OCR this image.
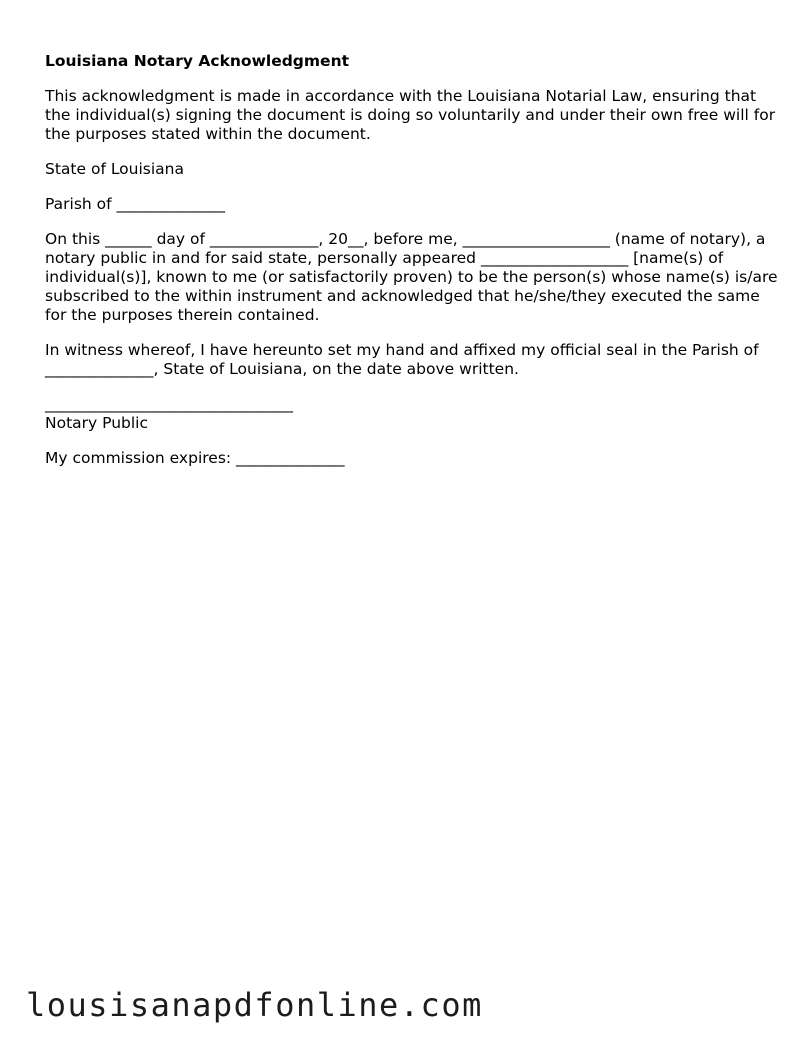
Louisiana Notary Acknowledgment

This acknowledgment is made in accordance with the Louisiana Notarial Law, ensuring that the individual(s) signing the document is doing so voluntarily and under their own free will for the purposes stated within the document.

State of Louisiana

Parish of ______________

On this ______ day of ______________, 20__, before me, ___________________ (name of notary), a notary public in and for said state, personally appeared ___________________ [name(s) of individual(s)], known to me (or satisfactorily proven) to be the person(s) whose name(s) is/are subscribed to the within instrument and acknowledged that he/she/they executed the same for the purposes therein contained.

In witness whereof, I have hereunto set my hand and affixed my official seal in the Parish of ______________, State of Louisiana, on the date above written.

________________________________

Notary Public

My commission expires: ______________

lousisanapdfonline.com
